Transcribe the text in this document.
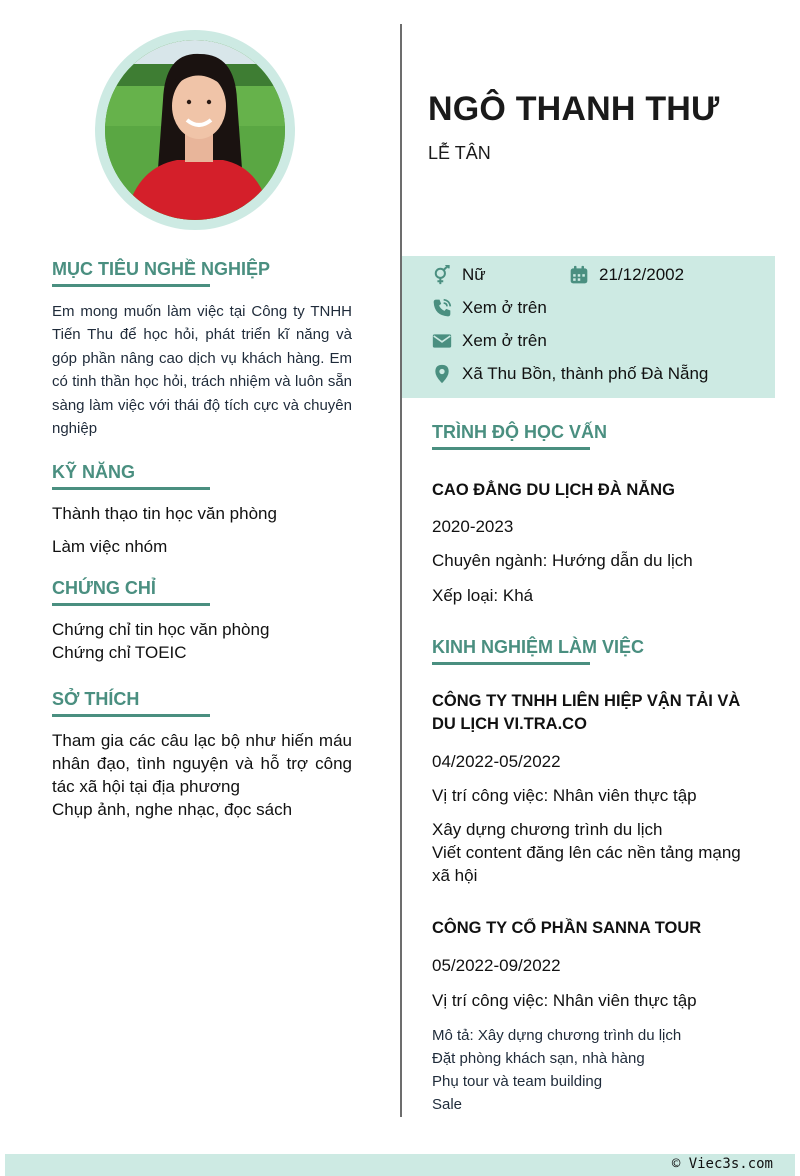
MỤC TIÊU NGHỀ NGHIỆP
Em mong muốn làm việc tại Công ty TNHH Tiến Thu để học hỏi, phát triển kĩ năng và góp phần nâng cao dịch vụ khách hàng. Em có tinh thần học hỏi, trách nhiệm và luôn sẵn sàng làm việc với thái độ tích cực và chuyên nghiệp
KỸ NĂNG
Thành thạo tin học văn phòng
Làm việc nhóm
CHỨNG CHỈ
Chứng chỉ tin học văn phòng
Chứng chỉ TOEIC
SỞ THÍCH
Tham gia các câu lạc bộ như hiến máu nhân đạo, tình nguyện và hỗ trợ công tác xã hội tại địa phương
Chụp ảnh, nghe nhạc, đọc sách
NGÔ THANH THƯ
LỄ TÂN
Nữ	21/12/2002
Xem ở trên
Xem ở trên
Xã Thu Bồn, thành phố Đà Nẵng
TRÌNH ĐỘ HỌC VẤN
CAO ĐẲNG DU LỊCH ĐÀ NẴNG
2020-2023
Chuyên ngành: Hướng dẫn du lịch
Xếp loại: Khá
KINH NGHIỆM LÀM VIỆC
CÔNG TY TNHH LIÊN HIỆP VẬN TẢI VÀ DU LỊCH VI.TRA.CO
04/2022-05/2022
Vị trí công việc: Nhân viên thực tập
Xây dựng chương trình du lịch
Viết content đăng lên các nền tảng mạng xã hội
CÔNG TY CỔ PHẦN SANNA TOUR
05/2022-09/2022
Vị trí công việc: Nhân viên thực tập
Mô tả: Xây dựng chương trình du lịch
Đặt phòng khách sạn, nhà hàng
Phụ tour và team building
Sale
© Viec3s.com
